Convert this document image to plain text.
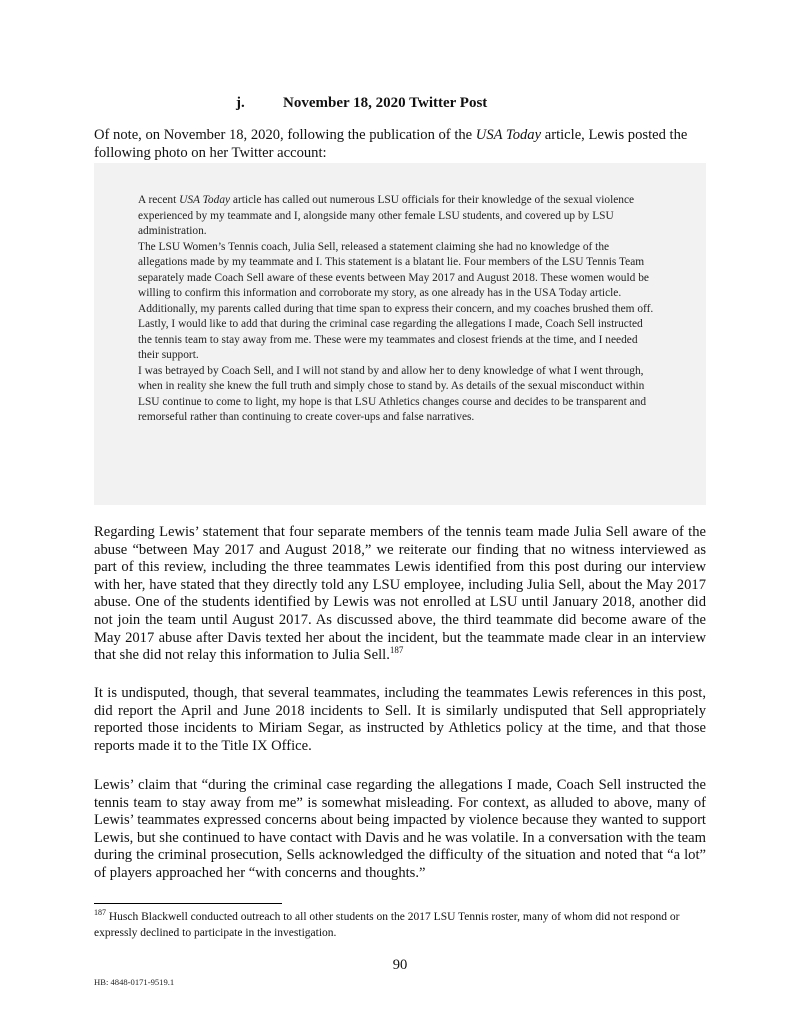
j.	November 18, 2020 Twitter Post

Of note, on November 18, 2020, following the publication of the USA Today article, Lewis posted the following photo on her Twitter account:

A recent USA Today article has called out numerous LSU officials for their knowledge of the sexual violence experienced by my teammate and I, alongside many other female LSU students, and covered up by LSU administration.

The LSU Women’s Tennis coach, Julia Sell, released a statement claiming she had no knowledge of the allegations made by my teammate and I. This statement is a blatant lie. Four members of the LSU Tennis Team separately made Coach Sell aware of these events between May 2017 and August 2018. These women would be willing to confirm this information and corroborate my story, as one already has in the USA Today article. Additionally, my parents called during that time span to express their concern, and my coaches brushed them off. Lastly, I would like to add that during the criminal case regarding the allegations I made, Coach Sell instructed the tennis team to stay away from me. These were my teammates and closest friends at the time, and I needed their support.

I was betrayed by Coach Sell, and I will not stand by and allow her to deny knowledge of what I went through, when in reality she knew the full truth and simply chose to stand by. As details of the sexual misconduct within LSU continue to come to light, my hope is that LSU Athletics changes course and decides to be transparent and remorseful rather than continuing to create cover-ups and false narratives.

Regarding Lewis’ statement that four separate members of the tennis team made Julia Sell aware of the abuse “between May 2017 and August 2018,” we reiterate our finding that no witness interviewed as part of this review, including the three teammates Lewis identified from this post during our interview with her, have stated that they directly told any LSU employee, including Julia Sell, about the May 2017 abuse. One of the students identified by Lewis was not enrolled at LSU until January 2018, another did not join the team until August 2017. As discussed above, the third teammate did become aware of the May 2017 abuse after Davis texted her about the incident, but the teammate made clear in an interview that she did not relay this information to Julia Sell.$^{187}$

It is undisputed, though, that several teammates, including the teammates Lewis references in this post, did report the April and June 2018 incidents to Sell. It is similarly undisputed that Sell appropriately reported those incidents to Miriam Segar, as instructed by Athletics policy at the time, and that those reports made it to the Title IX Office.

Lewis’ claim that “during the criminal case regarding the allegations I made, Coach Sell instructed the tennis team to stay away from me” is somewhat misleading. For context, as alluded to above, many of Lewis’ teammates expressed concerns about being impacted by violence because they wanted to support Lewis, but she continued to have contact with Davis and he was volatile. In a conversation with the team during the criminal prosecution, Sells acknowledged the difficulty of the situation and noted that “a lot” of players approached her “with concerns and thoughts.”

$^{187}$ Husch Blackwell conducted outreach to all other students on the 2017 LSU Tennis roster, many of whom did not respond or expressly declined to participate in the investigation.

90
HB: 4848-0171-9519.1
